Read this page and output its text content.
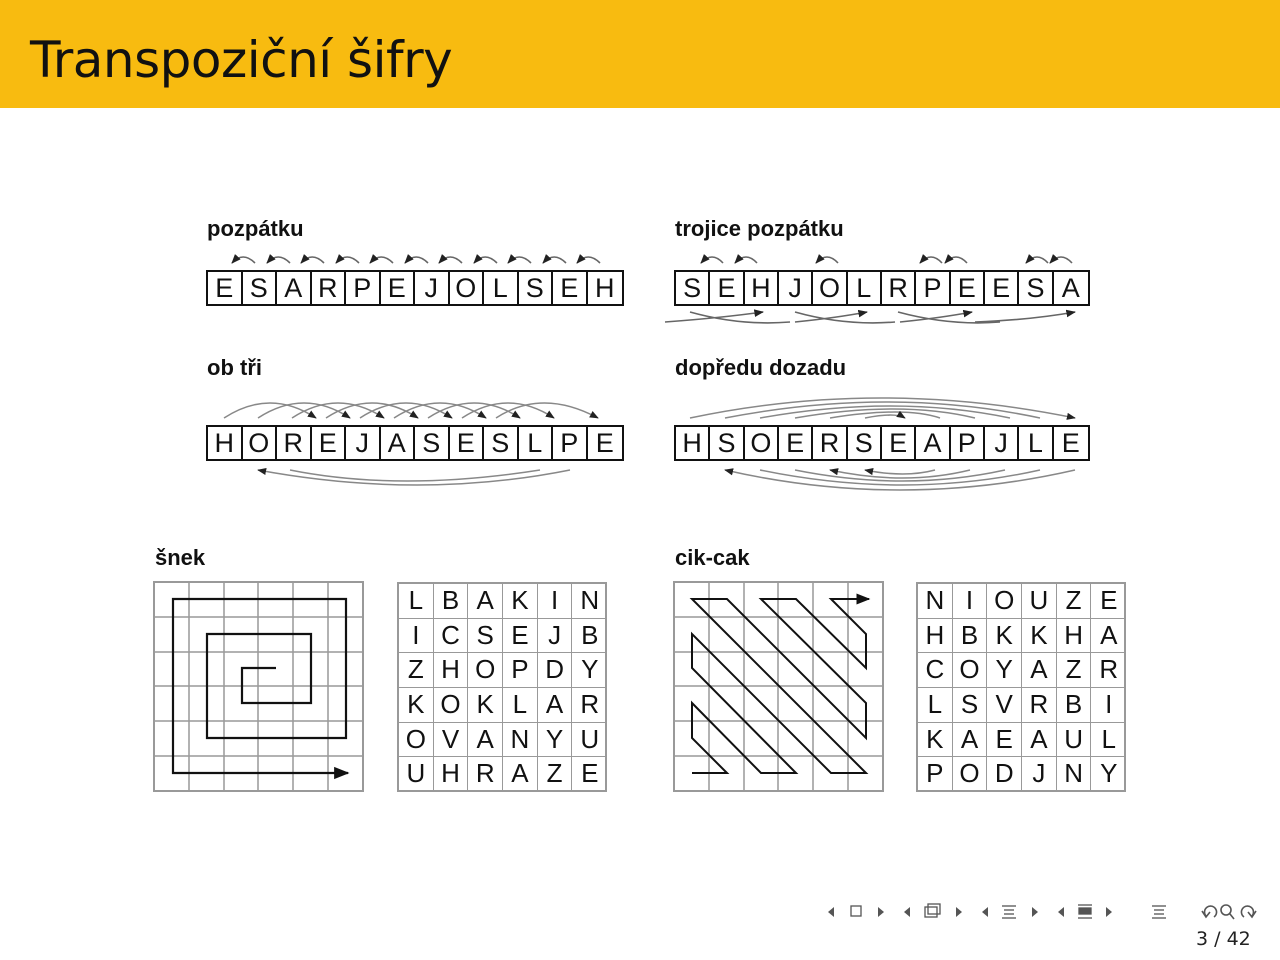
Transpoziční šifry
pozpátku	trojice pozpátku
ob tři	dopředu dozadu
šnek	cik-cak
E S A R P E J O L S E H	S E H J O L R P E E S A
H O R E J A S E S L P E	H S O E R S E A P J L E
L B A K I N
I C S E J B
Z H O P D Y
K O K L A R
O V A N Y U
U H R A Z E
N I O U Z E
H B K K H A
C O Y A Z R
L S V R B I
K A E A U L
P O D J N Y
3 / 42
